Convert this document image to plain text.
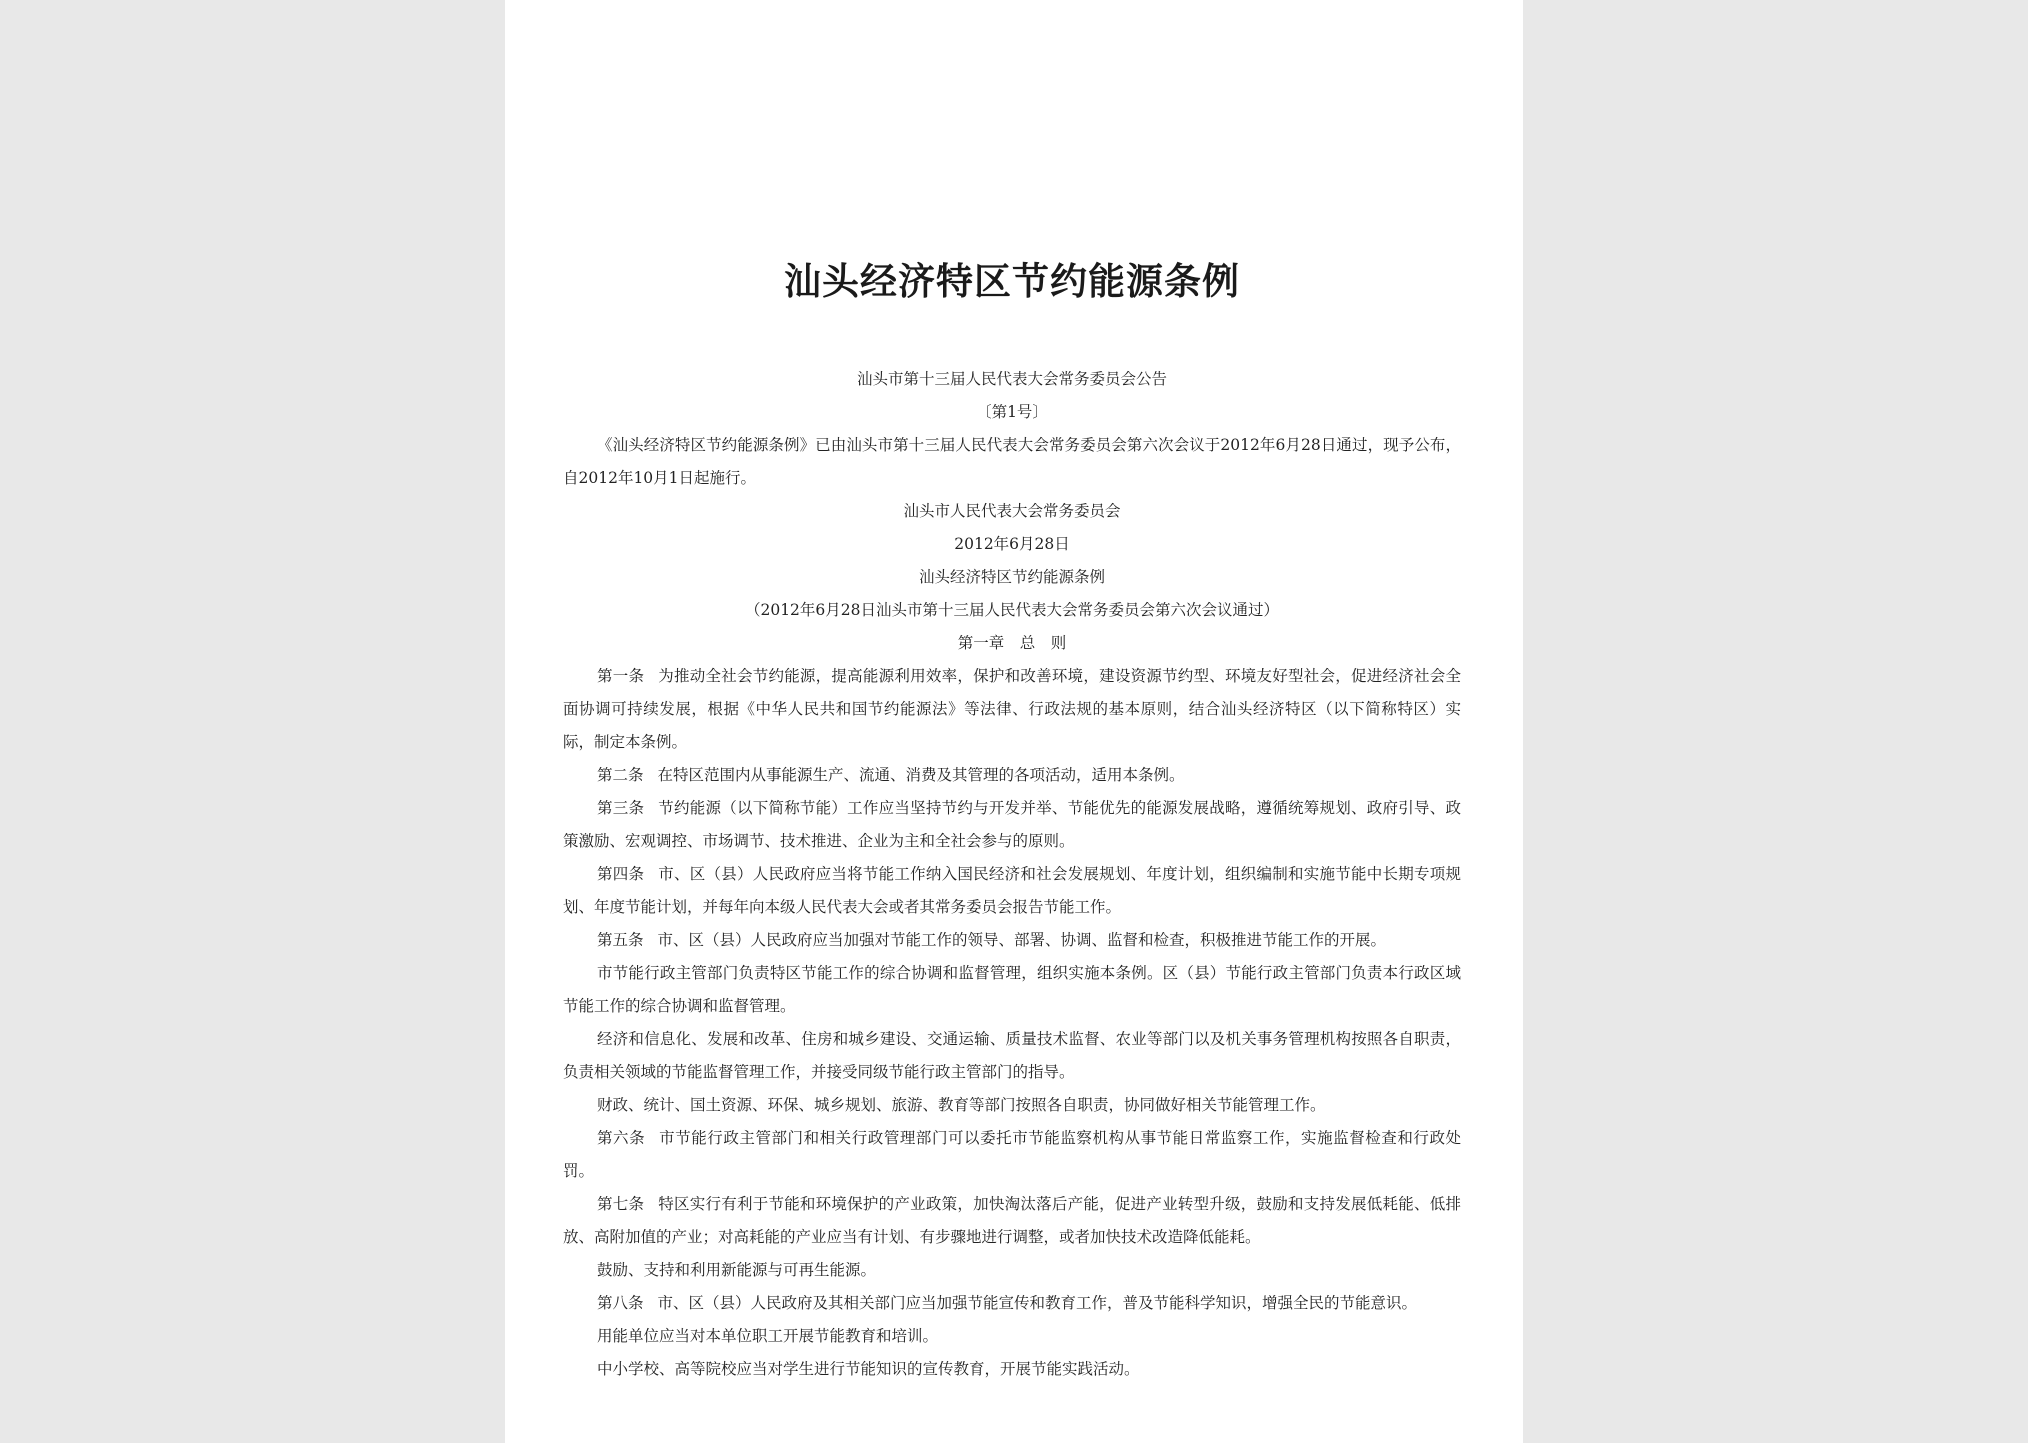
汕头经济特区节约能源条例

汕头市第十三届人民代表大会常务委员会公告

〔第1号〕

《汕头经济特区节约能源条例》已由汕头市第十三届人民代表大会常务委员会第六次会议于2012年6月28日通过，现予公布，自2012年10月1日起施行。

汕头市人民代表大会常务委员会

2012年6月28日

汕头经济特区节约能源条例

（2012年6月28日汕头市第十三届人民代表大会常务委员会第六次会议通过）

第一章　总　则

第一条 为推动全社会节约能源，提高能源利用效率，保护和改善环境，建设资源节约型、环境友好型社会，促进经济社会全面协调可持续发展，根据《中华人民共和国节约能源法》等法律、行政法规的基本原则，结合汕头经济特区（以下简称特区）实际，制定本条例。

第二条 在特区范围内从事能源生产、流通、消费及其管理的各项活动，适用本条例。

第三条 节约能源（以下简称节能）工作应当坚持节约与开发并举、节能优先的能源发展战略，遵循统筹规划、政府引导、政策激励、宏观调控、市场调节、技术推进、企业为主和全社会参与的原则。

第四条 市、区（县）人民政府应当将节能工作纳入国民经济和社会发展规划、年度计划，组织编制和实施节能中长期专项规划、年度节能计划，并每年向本级人民代表大会或者其常务委员会报告节能工作。

第五条 市、区（县）人民政府应当加强对节能工作的领导、部署、协调、监督和检查，积极推进节能工作的开展。

市节能行政主管部门负责特区节能工作的综合协调和监督管理，组织实施本条例。区（县）节能行政主管部门负责本行政区域节能工作的综合协调和监督管理。

经济和信息化、发展和改革、住房和城乡建设、交通运输、质量技术监督、农业等部门以及机关事务管理机构按照各自职责，负责相关领域的节能监督管理工作，并接受同级节能行政主管部门的指导。

财政、统计、国土资源、环保、城乡规划、旅游、教育等部门按照各自职责，协同做好相关节能管理工作。

第六条 市节能行政主管部门和相关行政管理部门可以委托市节能监察机构从事节能日常监察工作，实施监督检查和行政处罚。

第七条 特区实行有利于节能和环境保护的产业政策，加快淘汰落后产能，促进产业转型升级，鼓励和支持发展低耗能、低排放、高附加值的产业；对高耗能的产业应当有计划、有步骤地进行调整，或者加快技术改造降低能耗。

鼓励、支持和利用新能源与可再生能源。

第八条 市、区（县）人民政府及其相关部门应当加强节能宣传和教育工作，普及节能科学知识，增强全民的节能意识。

用能单位应当对本单位职工开展节能教育和培训。

中小学校、高等院校应当对学生进行节能知识的宣传教育，开展节能实践活动。
